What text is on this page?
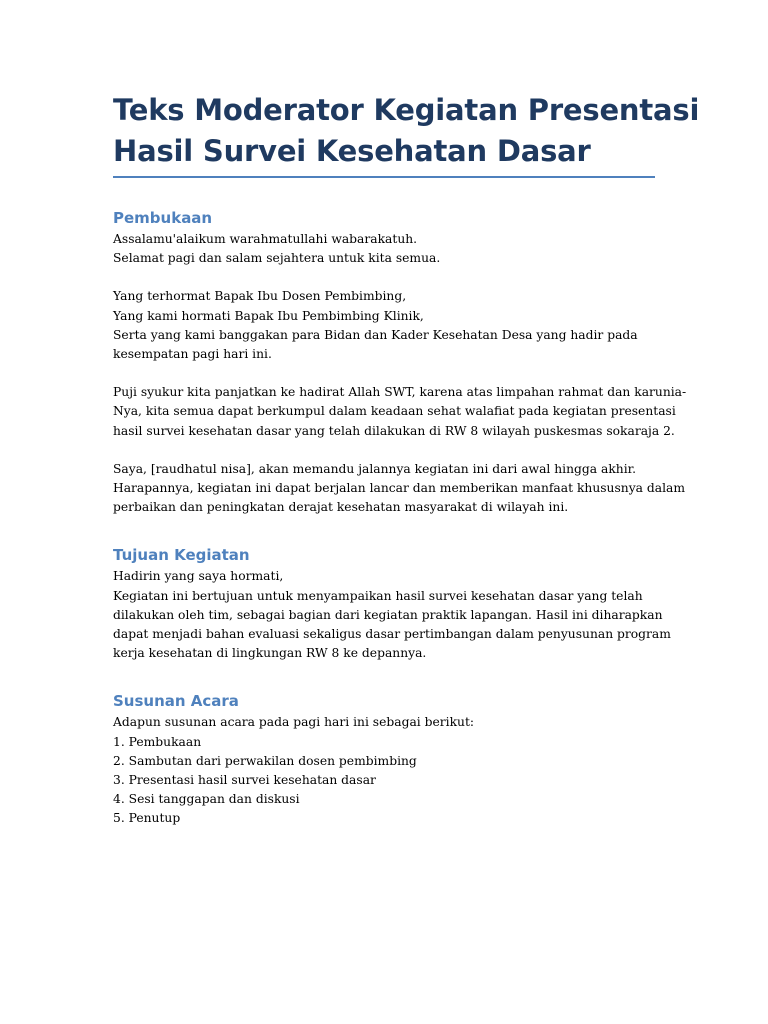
Teks Moderator Kegiatan Presentasi
Hasil Survei Kesehatan Dasar
Pembukaan

Assalamu'alaikum warahmatullahi wabarakatuh.
Selamat pagi dan salam sejahtera untuk kita semua.

Yang terhormat Bapak Ibu Dosen Pembimbing,
Yang kami hormati Bapak Ibu Pembimbing Klinik,
Serta yang kami banggakan para Bidan dan Kader Kesehatan Desa yang hadir pada
kesempatan pagi hari ini.

Puji syukur kita panjatkan ke hadirat Allah SWT, karena atas limpahan rahmat dan karunia-
Nya, kita semua dapat berkumpul dalam keadaan sehat walafiat pada kegiatan presentasi
hasil survei kesehatan dasar yang telah dilakukan di RW 8 wilayah puskesmas sokaraja 2.

Saya, [raudhatul nisa], akan memandu jalannya kegiatan ini dari awal hingga akhir.
Harapannya, kegiatan ini dapat berjalan lancar dan memberikan manfaat khususnya dalam
perbaikan dan peningkatan derajat kesehatan masyarakat di wilayah ini.

Tujuan Kegiatan

Hadirin yang saya hormati,
Kegiatan ini bertujuan untuk menyampaikan hasil survei kesehatan dasar yang telah
dilakukan oleh tim, sebagai bagian dari kegiatan praktik lapangan. Hasil ini diharapkan
dapat menjadi bahan evaluasi sekaligus dasar pertimbangan dalam penyusunan program
kerja kesehatan di lingkungan RW 8 ke depannya.

Susunan Acara

Adapun susunan acara pada pagi hari ini sebagai berikut:
1. Pembukaan
2. Sambutan dari perwakilan dosen pembimbing
3. Presentasi hasil survei kesehatan dasar
4. Sesi tanggapan dan diskusi
5. Penutup
